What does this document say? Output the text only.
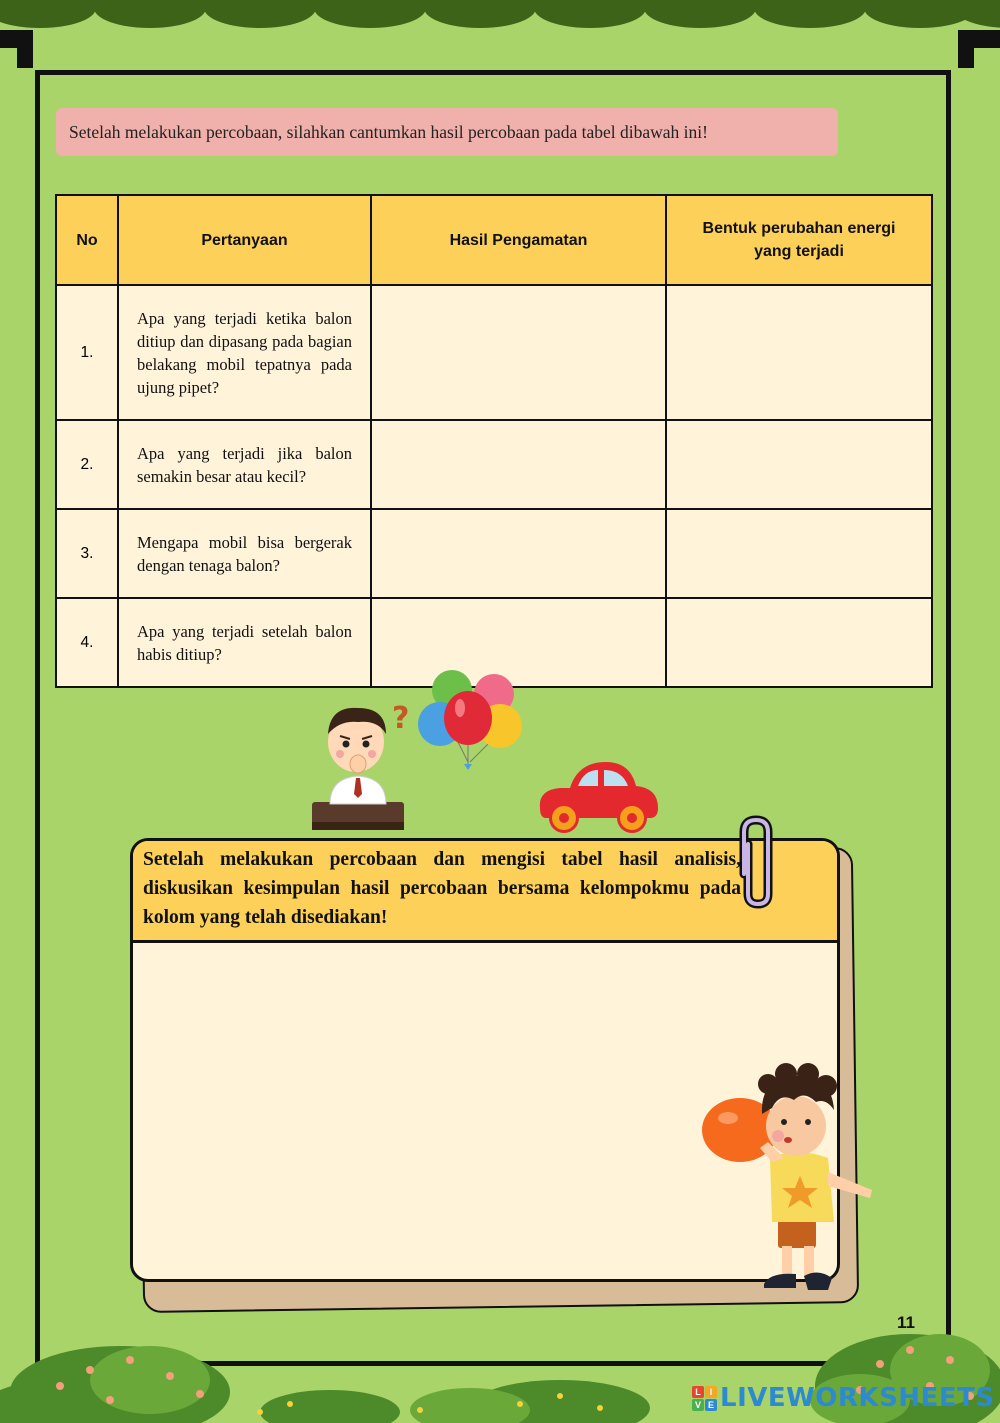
Setelah melakukan percobaan, silahkan cantumkan hasil percobaan pada tabel dibawah ini!
No	Pertanyaan	Hasil Pengamatan	Bentuk perubahan energi yang terjadi
1.	Apa yang terjadi ketika balon ditiup dan dipasang pada bagian belakang mobil tepatnya pada ujung pipet?		
2.	Apa yang terjadi jika balon semakin besar atau kecil?		
3.	Mengapa mobil bisa bergerak dengan tenaga balon?		
4.	Apa yang terjadi setelah balon habis ditiup?		
?
Setelah melakukan percobaan dan mengisi tabel hasil analisis, diskusikan kesimpulan hasil percobaan bersama kelompokmu pada kolom yang telah disediakan!
11
L I
V E LIVEWORKSHEETS
